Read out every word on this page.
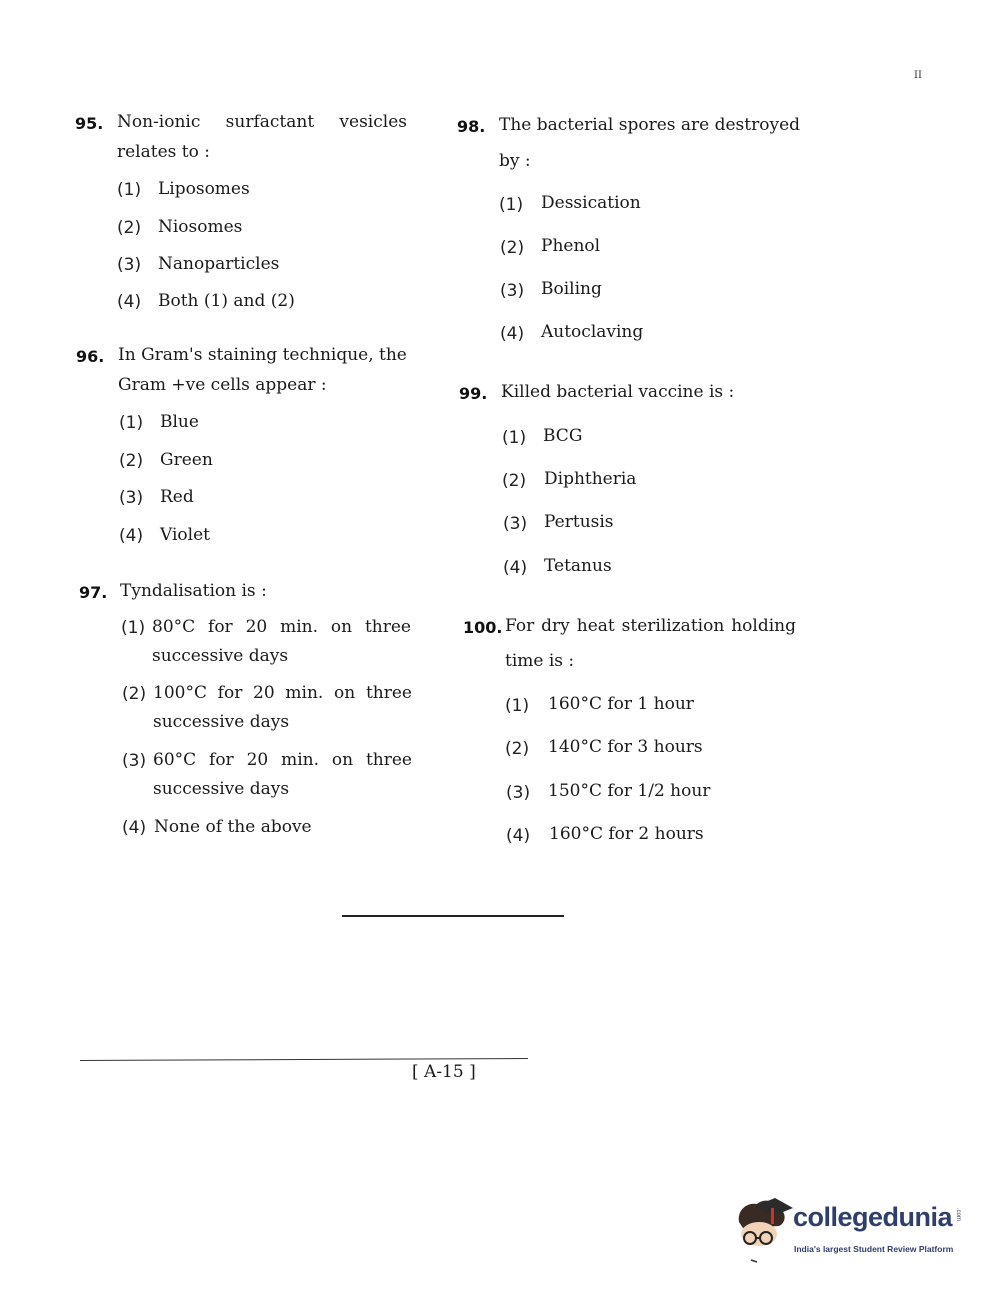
II
95. Non-ionic surfactant vesicles
relates to :
(1) Liposomes
(2) Niosomes
(3) Nanoparticles
(4) Both (1) and (2)
96. In Gram's staining technique, the
Gram +ve cells appear :
(1) Blue
(2) Green
(3) Red
(4) Violet
97. Tyndalisation is :
(1) 80°C for 20 min. on three
successive days
(2) 100°C for 20 min. on three
successive days
(3) 60°C for 20 min. on three
successive days
(4) None of the above
98. The bacterial spores are destroyed
by :
(1) Dessication
(2) Phenol
(3) Boiling
(4) Autoclaving
99. Killed bacterial vaccine is :
(1) BCG
(2) Diphtheria
(3) Pertusis
(4) Tetanus
100. For dry heat sterilization holding
time is :
(1) 160°C for 1 hour
(2) 140°C for 3 hours
(3) 150°C for 1/2 hour
(4) 160°C for 2 hours
[ A-15 ]
collegedunia .com
India's largest Student Review Platform
